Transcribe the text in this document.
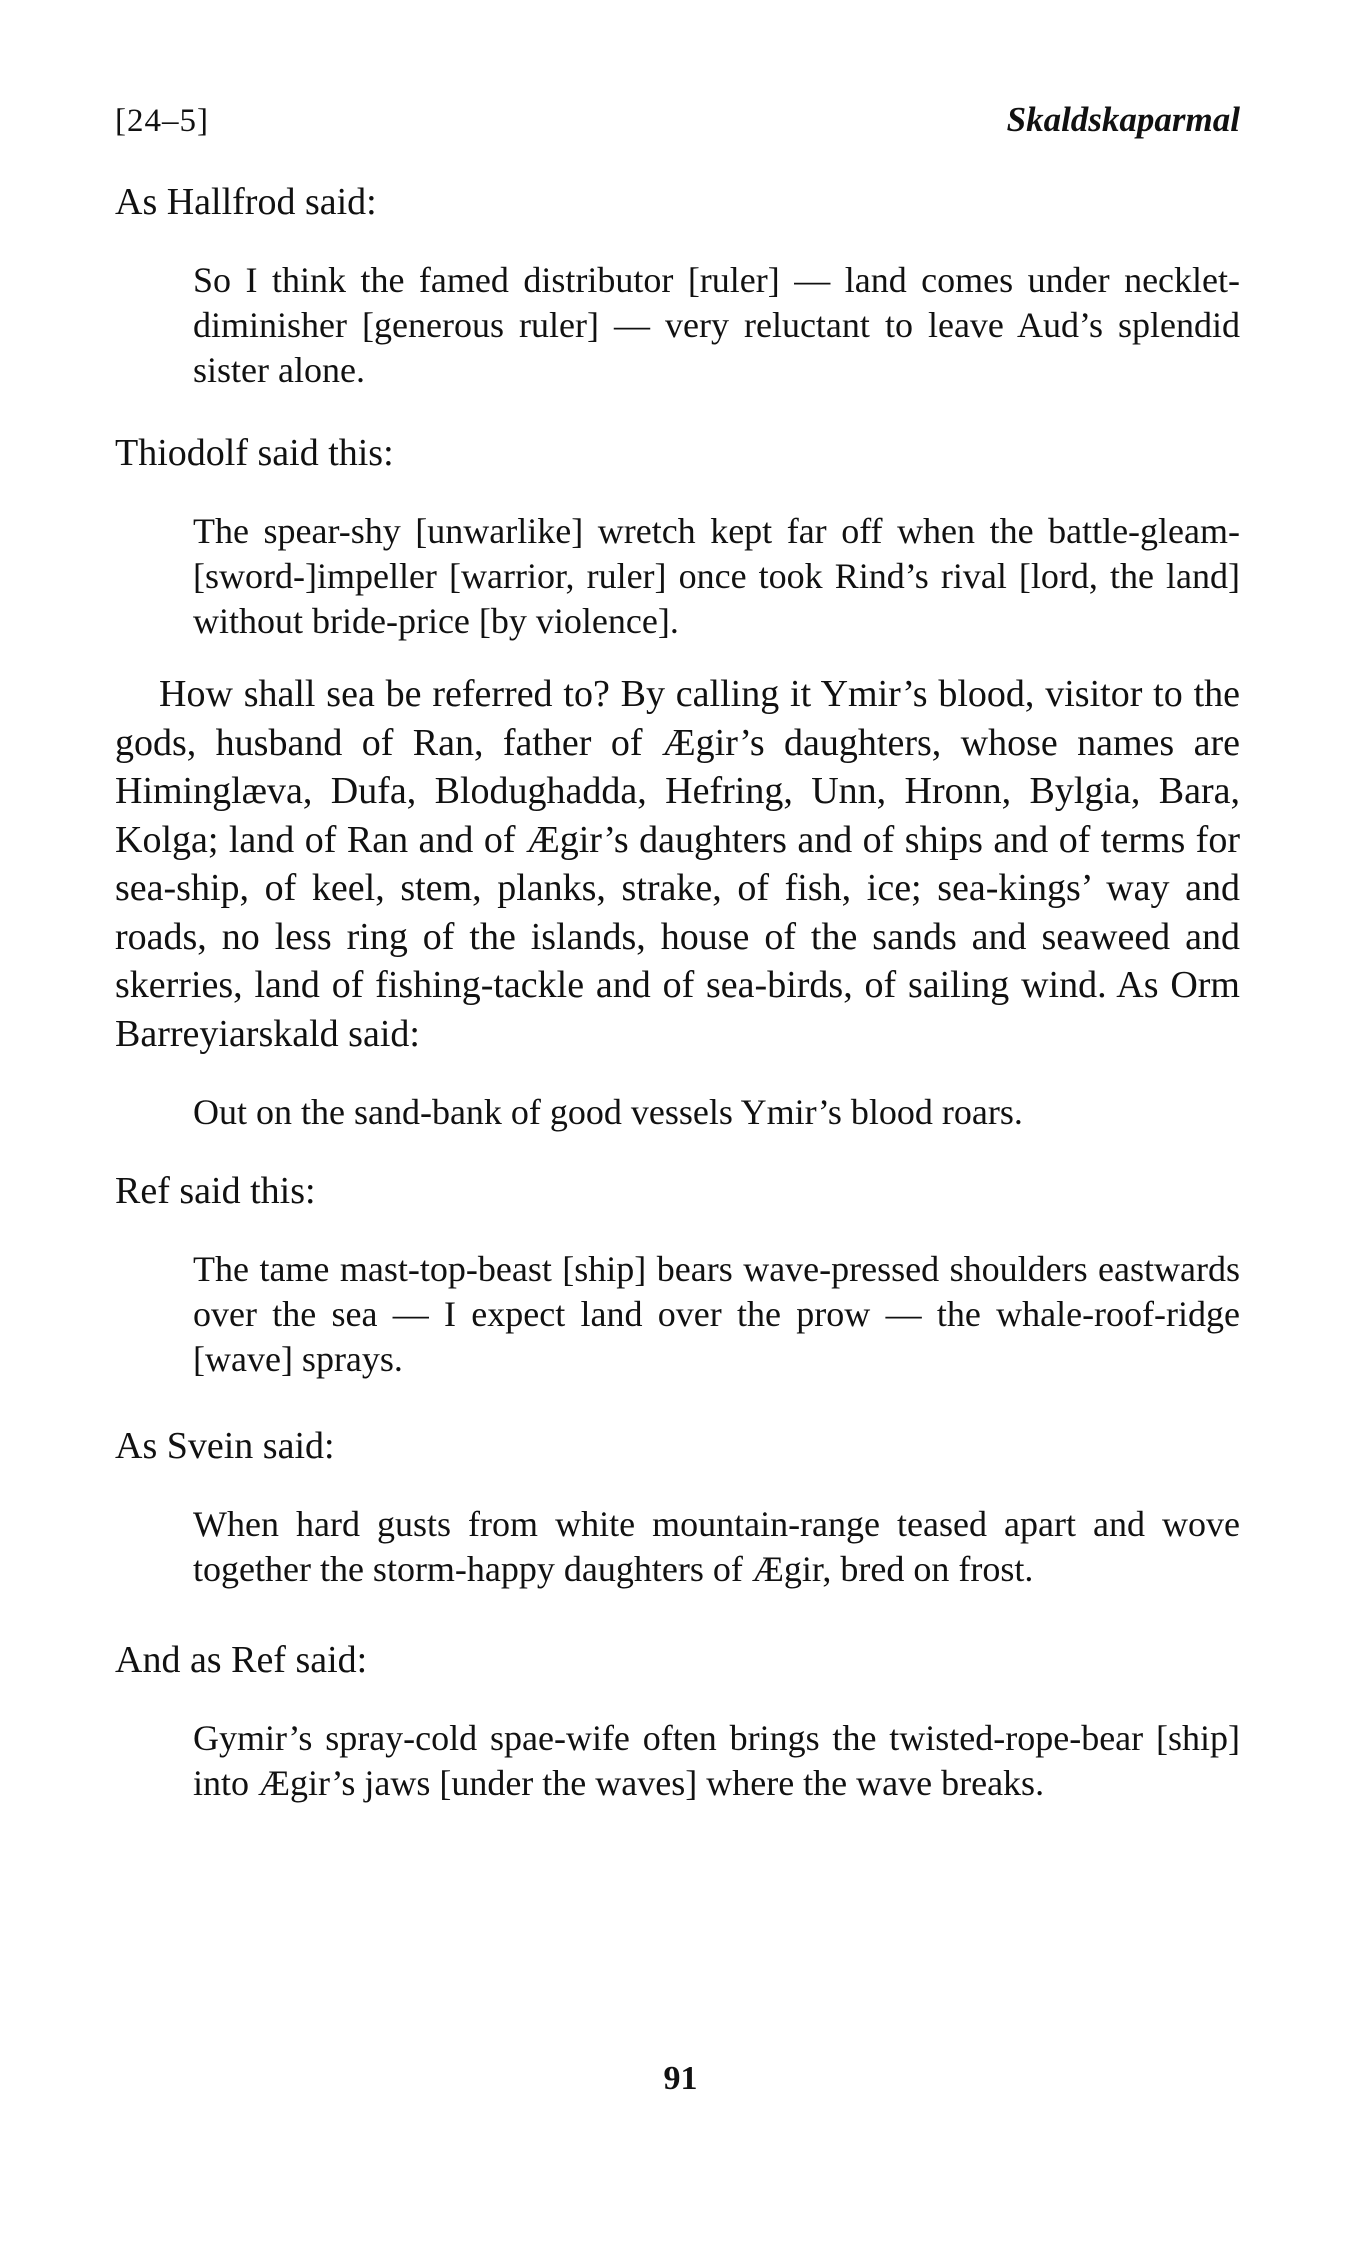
[24–5]	Skaldskaparmal

As Hallfrod said:

So I think the famed distributor [ruler] — land comes under necklet-diminisher [generous ruler] — very reluctant to leave Aud’s splendid sister alone.

Thiodolf said this:

The spear-shy [unwarlike] wretch kept far off when the battle-gleam-[sword-]impeller [warrior, ruler] once took Rind’s rival [lord, the land] without bride-price [by violence].

How shall sea be referred to? By calling it Ymir’s blood, visitor to the gods, husband of Ran, father of Ægir’s daughters, whose names are Himinglæva, Dufa, Blodughadda, Hefring, Unn, Hronn, Bylgia, Bara, Kolga; land of Ran and of Ægir’s daughters and of ships and of terms for sea-ship, of keel, stem, planks, strake, of fish, ice; sea-kings’ way and roads, no less ring of the islands, house of the sands and seaweed and skerries, land of fishing-tackle and of sea-birds, of sailing wind. As Orm Barreyiarskald said:

Out on the sand-bank of good vessels Ymir’s blood roars.

Ref said this:

The tame mast-top-beast [ship] bears wave-pressed shoulders eastwards over the sea — I expect land over the prow — the whale-roof-ridge [wave] sprays.

As Svein said:

When hard gusts from white mountain-range teased apart and wove together the storm-happy daughters of Ægir, bred on frost.

And as Ref said:

Gymir’s spray-cold spae-wife often brings the twisted-rope-bear [ship] into Ægir’s jaws [under the waves] where the wave breaks.

91
